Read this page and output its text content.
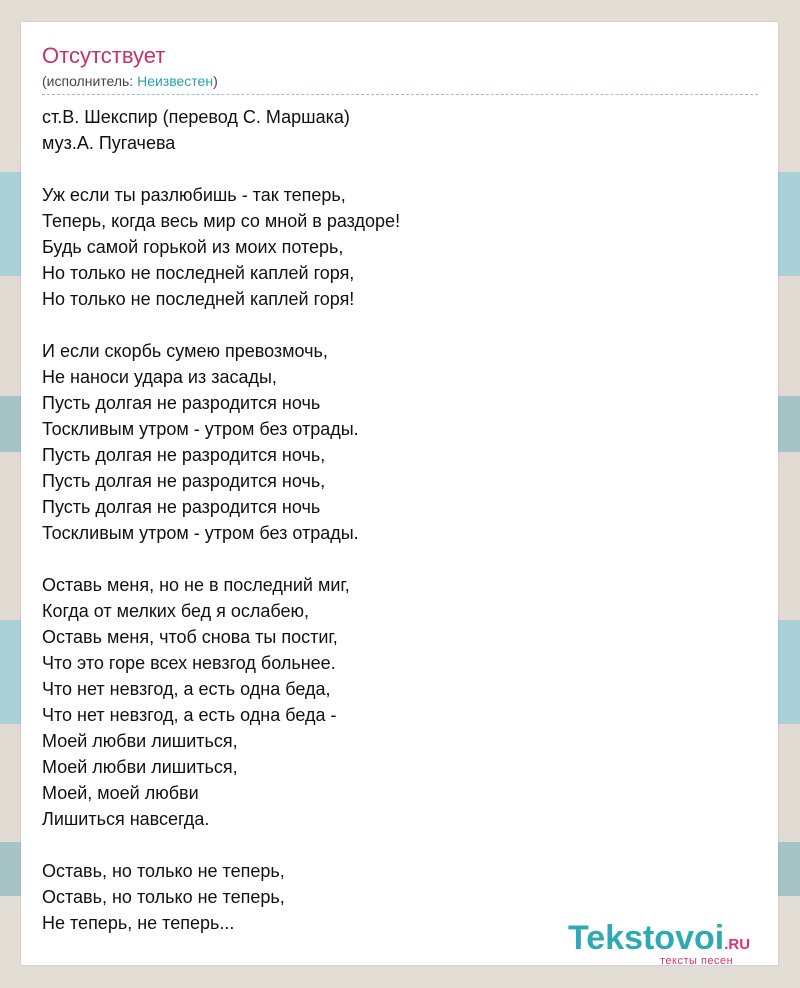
Отсутствует
(исполнитель: Неизвестен)
ст.В. Шекспир (перевод С. Маршака)
муз.А. Пугачева

Уж если ты разлюбишь - так теперь,
Теперь, когда весь мир со мной в раздоре!
Будь самой горькой из моих потерь,
Но только не последней каплей горя,
Но только не последней каплей горя!

И если скорбь сумею превозмочь,
Не наноси удара из засады,
Пусть долгая не разродится ночь
Тоскливым утром - утром без отрады.
Пусть долгая не разродится ночь,
Пусть долгая не разродится ночь,
Пусть долгая не разродится ночь
Тоскливым утром - утром без отрады.

Оставь меня, но не в последний миг,
Когда от мелких бед я ослабею,
Оставь меня, чтоб снова ты постиг,
Что это горе всех невзгод больнее.
Что нет невзгод, а есть одна беда,
Что нет невзгод, а есть одна беда -
Моей любви лишиться,
Моей любви лишиться,
Моей, моей любви
Лишиться навсегда.

Оставь, но только не теперь,
Оставь, но только не теперь,
Не теперь, не теперь...	Tekstovoi.RU
тексты песен
